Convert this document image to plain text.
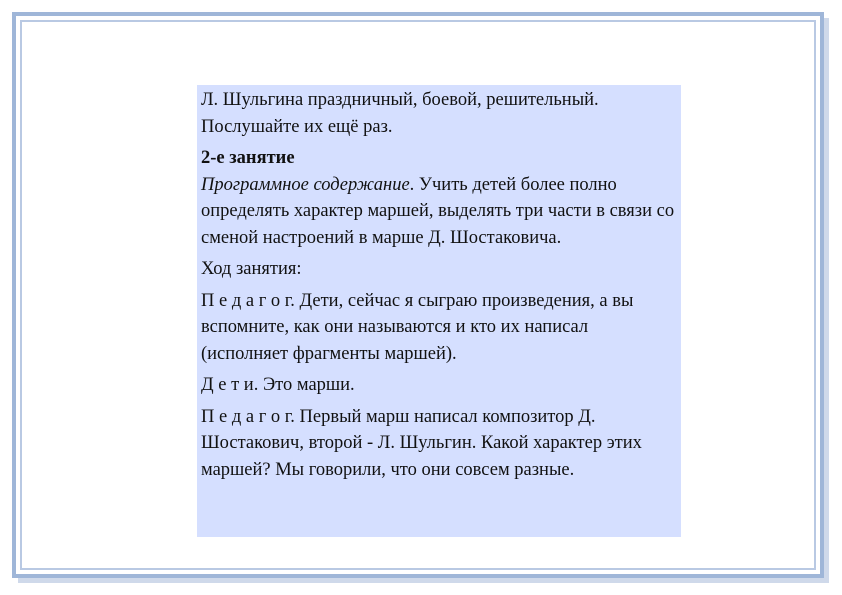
Л. Шульгина праздничный, боевой, решительный. Послушайте их ещё раз.

2-е занятие
Программное содержание. Учить детей более полно определять характер маршей, выделять три части в связи со сменой настроений в марше Д. Шостаковича.

Ход занятия:

П е д а г о г. Дети, сейчас я сыграю произведения, а вы вспомните, как они называются и кто их написал (исполняет фрагменты маршей).

Д е т и. Это марши.

П е д а г о г. Первый марш написал композитор Д. Шостакович, второй - Л. Шульгин. Какой характер этих маршей? Мы говорили, что они совсем разные.
